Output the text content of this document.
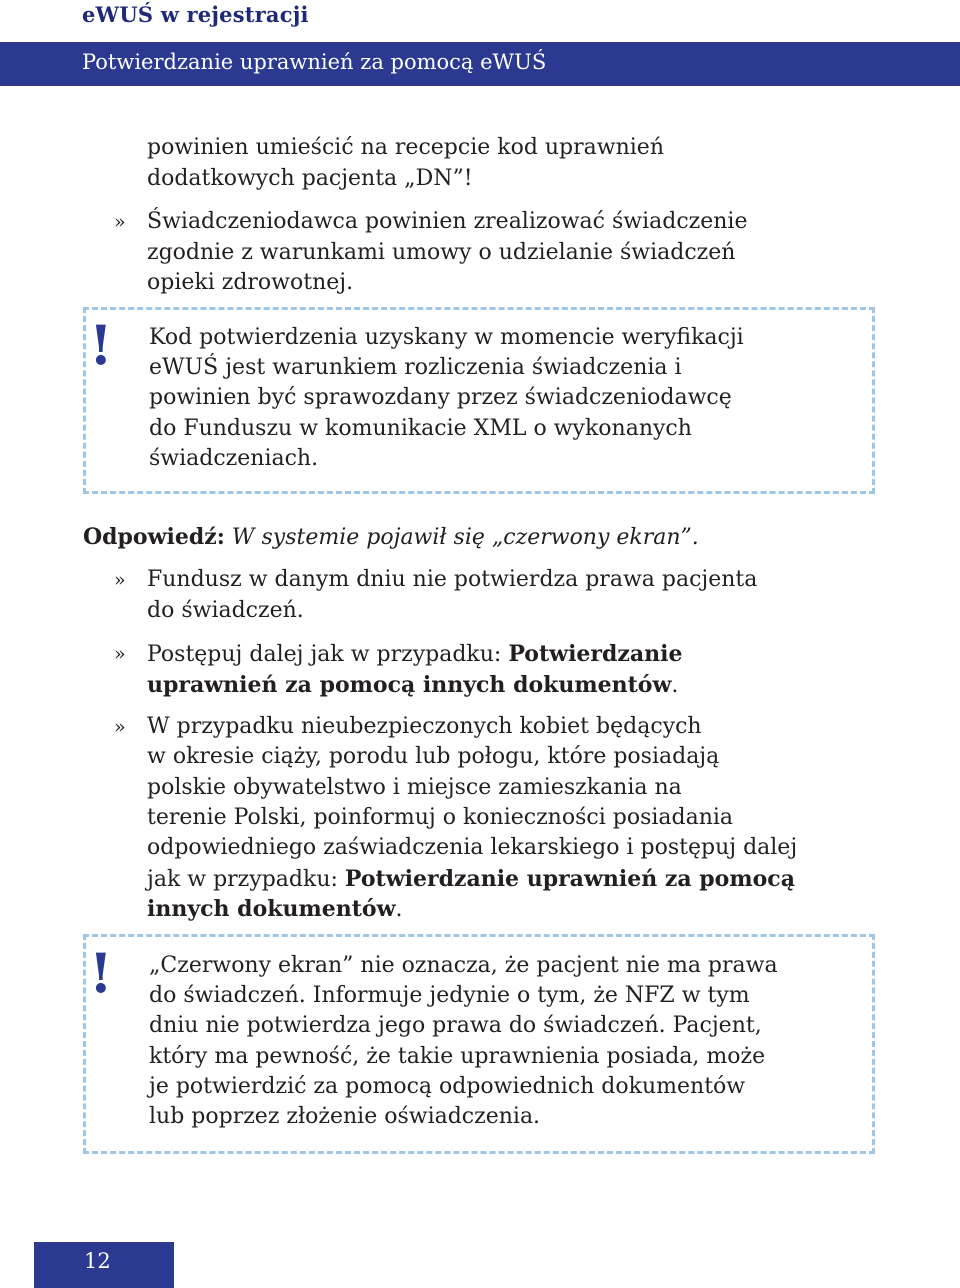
eWUŚ w rejestracji
Potwierdzanie uprawnień za pomocą eWUŚ
powinien umieścić na recepcie kod uprawnień
dodatkowych pacjenta „DN”!
» Świadczeniodawca powinien zrealizować świadczenie
zgodnie z warunkami umowy o udzielanie świadczeń
opieki zdrowotnej.
! Kod potwierdzenia uzyskany w momencie weryfikacji
eWUŚ jest warunkiem rozliczenia świadczenia i
powinien być sprawozdany przez świadczeniodawcę
do Funduszu w komunikacie XML o wykonanych
świadczeniach.
Odpowiedź: W systemie pojawił się „czerwony ekran”.
» Fundusz w danym dniu nie potwierdza prawa pacjenta
do świadczeń.
» Postępuj dalej jak w przypadku: Potwierdzanie
uprawnień za pomocą innych dokumentów.
» W przypadku nieubezpieczonych kobiet będących
w okresie ciąży, porodu lub połogu, które posiadają
polskie obywatelstwo i miejsce zamieszkania na
terenie Polski, poinformuj o konieczności posiadania
odpowiedniego zaświadczenia lekarskiego i postępuj dalej
jak w przypadku: Potwierdzanie uprawnień za pomocą
innych dokumentów.
! „Czerwony ekran” nie oznacza, że pacjent nie ma prawa
do świadczeń. Informuje jedynie o tym, że NFZ w tym
dniu nie potwierdza jego prawa do świadczeń. Pacjent,
który ma pewność, że takie uprawnienia posiada, może
je potwierdzić za pomocą odpowiednich dokumentów
lub poprzez złożenie oświadczenia.
12
